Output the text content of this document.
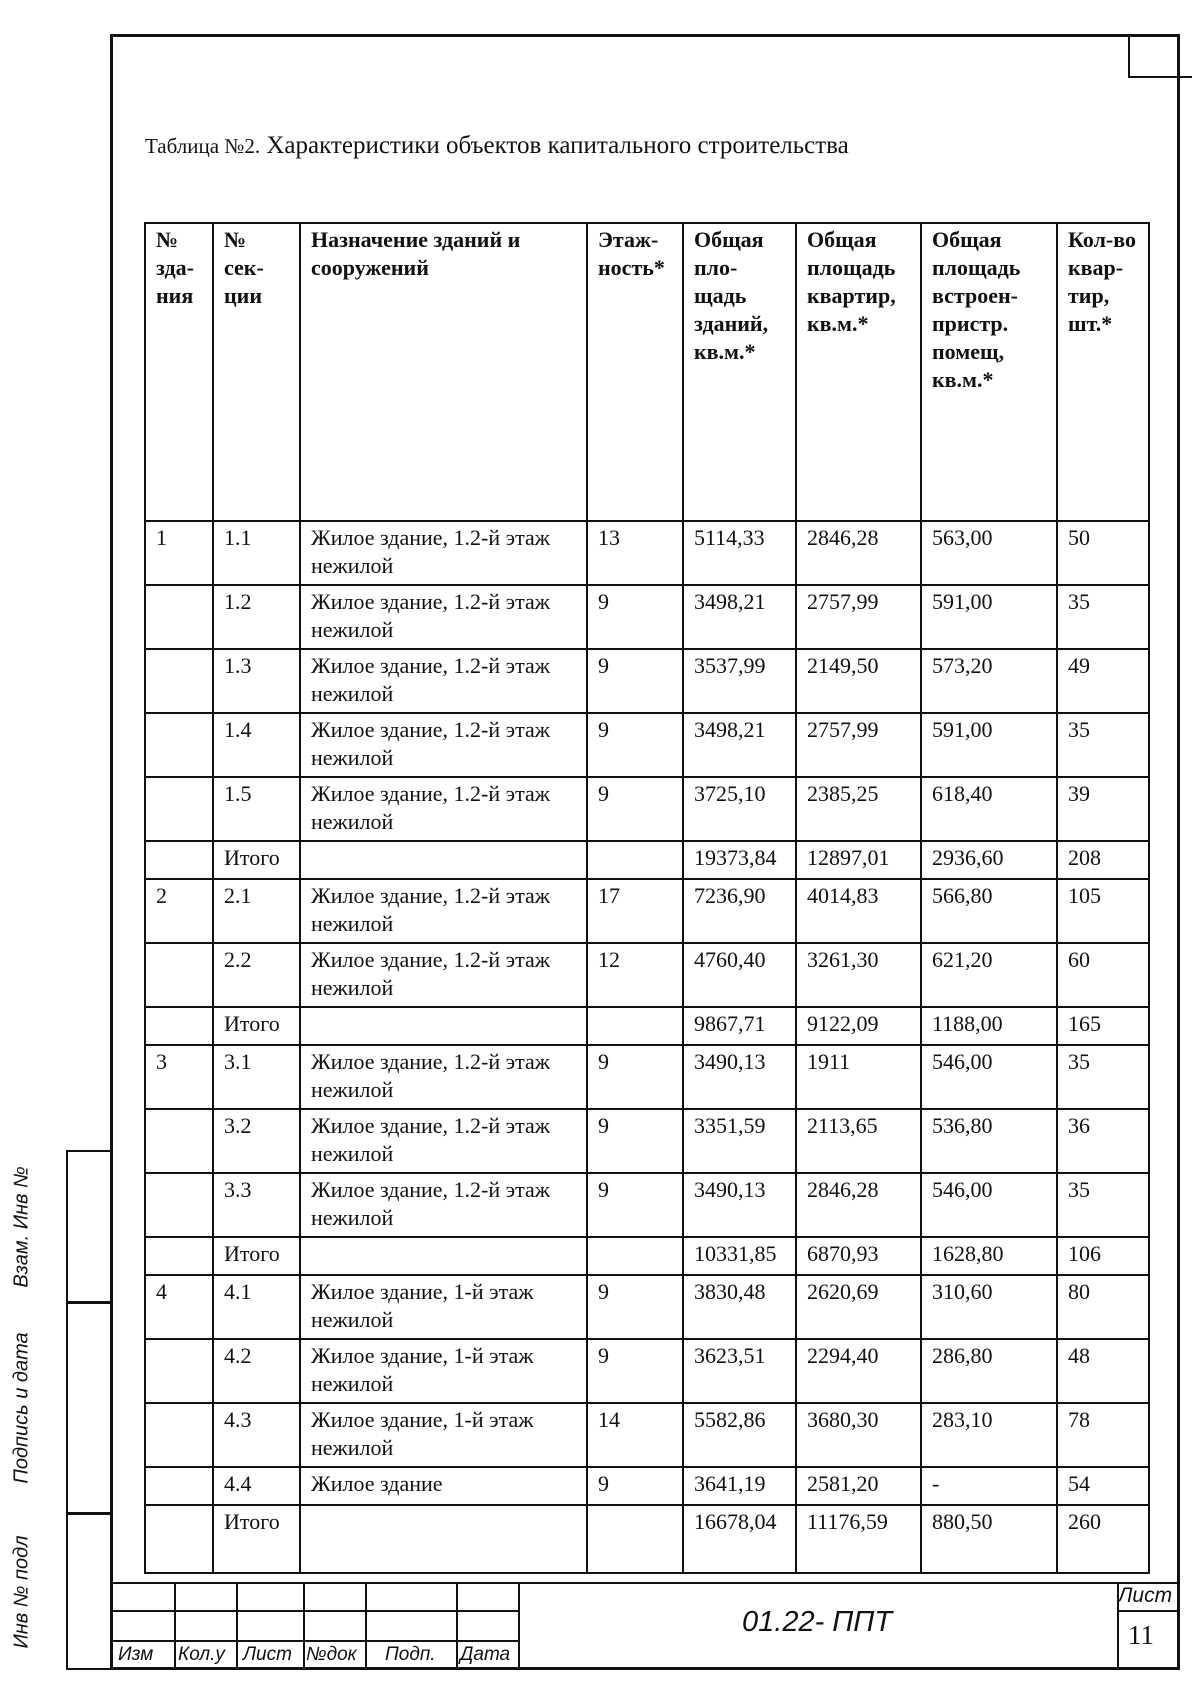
Таблица №2. Характеристики объектов капитального строительства
№ зда-ния	№ сек-ции	Назначение зданий и сооружений	Этаж-ность*	Общая пло-щадь зданий, кв.м.*	Общая площадь квартир, кв.м.*	Общая площадь встроен-пристр. помещ, кв.м.*	Кол-во квар-тир, шт.*
1	1.1	Жилое здание, 1.2-й этаж нежилой	13	5114,33	2846,28	563,00	50
	1.2	Жилое здание, 1.2-й этаж нежилой	9	3498,21	2757,99	591,00	35
	1.3	Жилое здание, 1.2-й этаж нежилой	9	3537,99	2149,50	573,20	49
	1.4	Жилое здание, 1.2-й этаж нежилой	9	3498,21	2757,99	591,00	35
	1.5	Жилое здание, 1.2-й этаж нежилой	9	3725,10	2385,25	618,40	39
	Итого			19373,84	12897,01	2936,60	208
2	2.1	Жилое здание, 1.2-й этаж нежилой	17	7236,90	4014,83	566,80	105
	2.2	Жилое здание, 1.2-й этаж нежилой	12	4760,40	3261,30	621,20	60
	Итого			9867,71	9122,09	1188,00	165
3	3.1	Жилое здание, 1.2-й этаж нежилой	9	3490,13	1911	546,00	35
	3.2	Жилое здание, 1.2-й этаж нежилой	9	3351,59	2113,65	536,80	36
	3.3	Жилое здание, 1.2-й этаж нежилой	9	3490,13	2846,28	546,00	35
	Итого			10331,85	6870,93	1628,80	106
4	4.1	Жилое здание, 1-й этаж нежилой	9	3830,48	2620,69	310,60	80
	4.2	Жилое здание, 1-й этаж нежилой	9	3623,51	2294,40	286,80	48
	4.3	Жилое здание, 1-й этаж нежилой	14	5582,86	3680,30	283,10	78
	4.4	Жилое здание	9	3641,19	2581,20	-	54
	Итого			16678,04	11176,59	880,50	260
Взам. Инв №
Подпись и дата
Инв № подл
Изм Кол.у Лист №док Подп. Дата
01.22- ППТ
Лист
11
